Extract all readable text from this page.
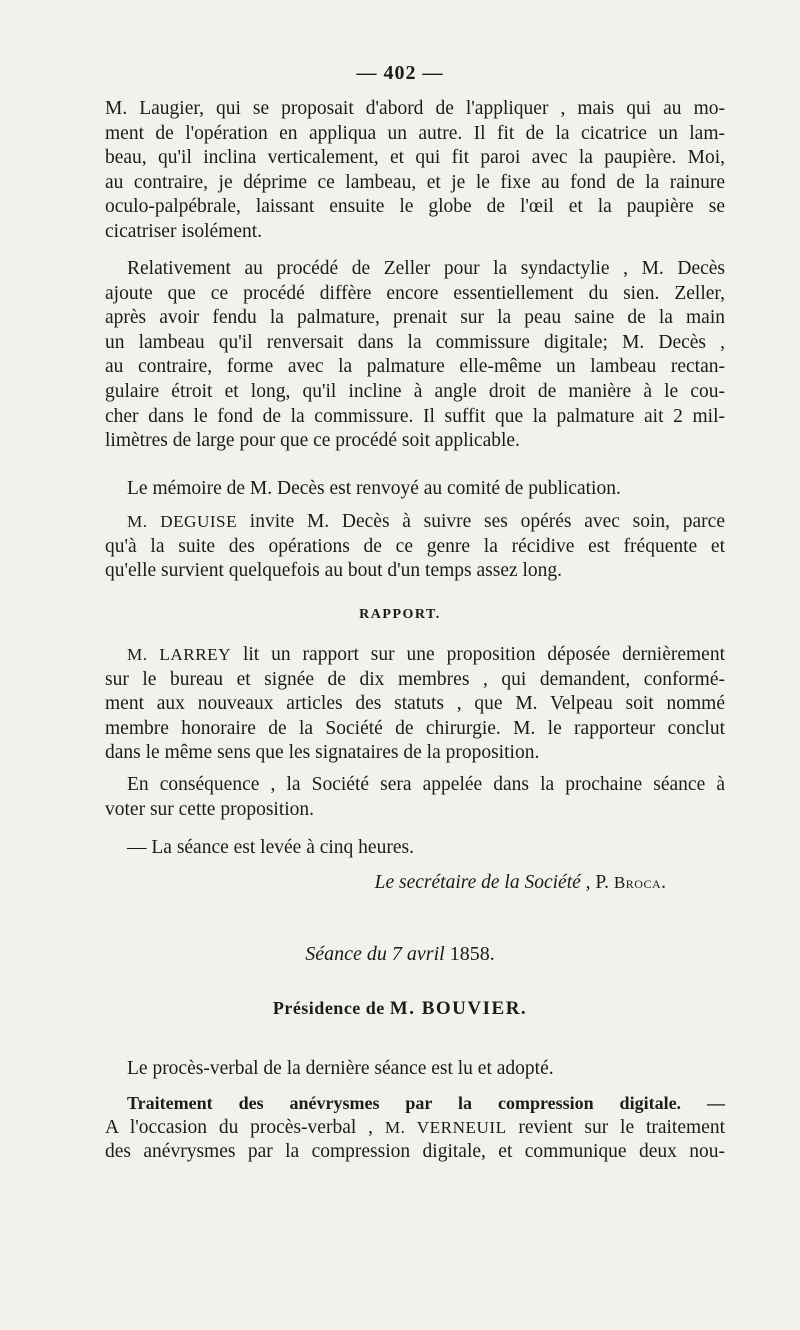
— 402 —
M. Laugier, qui se proposait d'abord de l'appliquer , mais qui au mo-
ment de l'opération en appliqua un autre. Il fit de la cicatrice un lam-
beau, qu'il inclina verticalement, et qui fit paroi avec la paupière. Moi,
au contraire, je déprime ce lambeau, et je le fixe au fond de la rainure
oculo-palpébrale, laissant ensuite le globe de l'œil et la paupière se
cicatriser isolément.
Relativement au procédé de Zeller pour la syndactylie , M. Decès
ajoute que ce procédé diffère encore essentiellement du sien. Zeller,
après avoir fendu la palmature, prenait sur la peau saine de la main
un lambeau qu'il renversait dans la commissure digitale; M. Decès ,
au contraire, forme avec la palmature elle-même un lambeau rectan-
gulaire étroit et long, qu'il incline à angle droit de manière à le cou-
cher dans le fond de la commissure. Il suffit que la palmature ait 2 mil-
limètres de large pour que ce procédé soit applicable.
Le mémoire de M. Decès est renvoyé au comité de publication.
M. DEGUISE invite M. Decès à suivre ses opérés avec soin, parce
qu'à la suite des opérations de ce genre la récidive est fréquente et
qu'elle survient quelquefois au bout d'un temps assez long.
RAPPORT.
M. LARREY lit un rapport sur une proposition déposée dernièrement
sur le bureau et signée de dix membres , qui demandent, conformé-
ment aux nouveaux articles des statuts , que M. Velpeau soit nommé
membre honoraire de la Société de chirurgie. M. le rapporteur conclut
dans le même sens que les signataires de la proposition.
En conséquence , la Société sera appelée dans la prochaine séance à
voter sur cette proposition.
— La séance est levée à cinq heures.
Le secrétaire de la Société , P. Broca.
Séance du 7 avril 1858.
Présidence de M. BOUVIER.
Le procès-verbal de la dernière séance est lu et adopté.
Traitement des anévrysmes par la compression digitale. —
A l'occasion du procès-verbal , M. VERNEUIL revient sur le traitement
des anévrysmes par la compression digitale, et communique deux nou-
